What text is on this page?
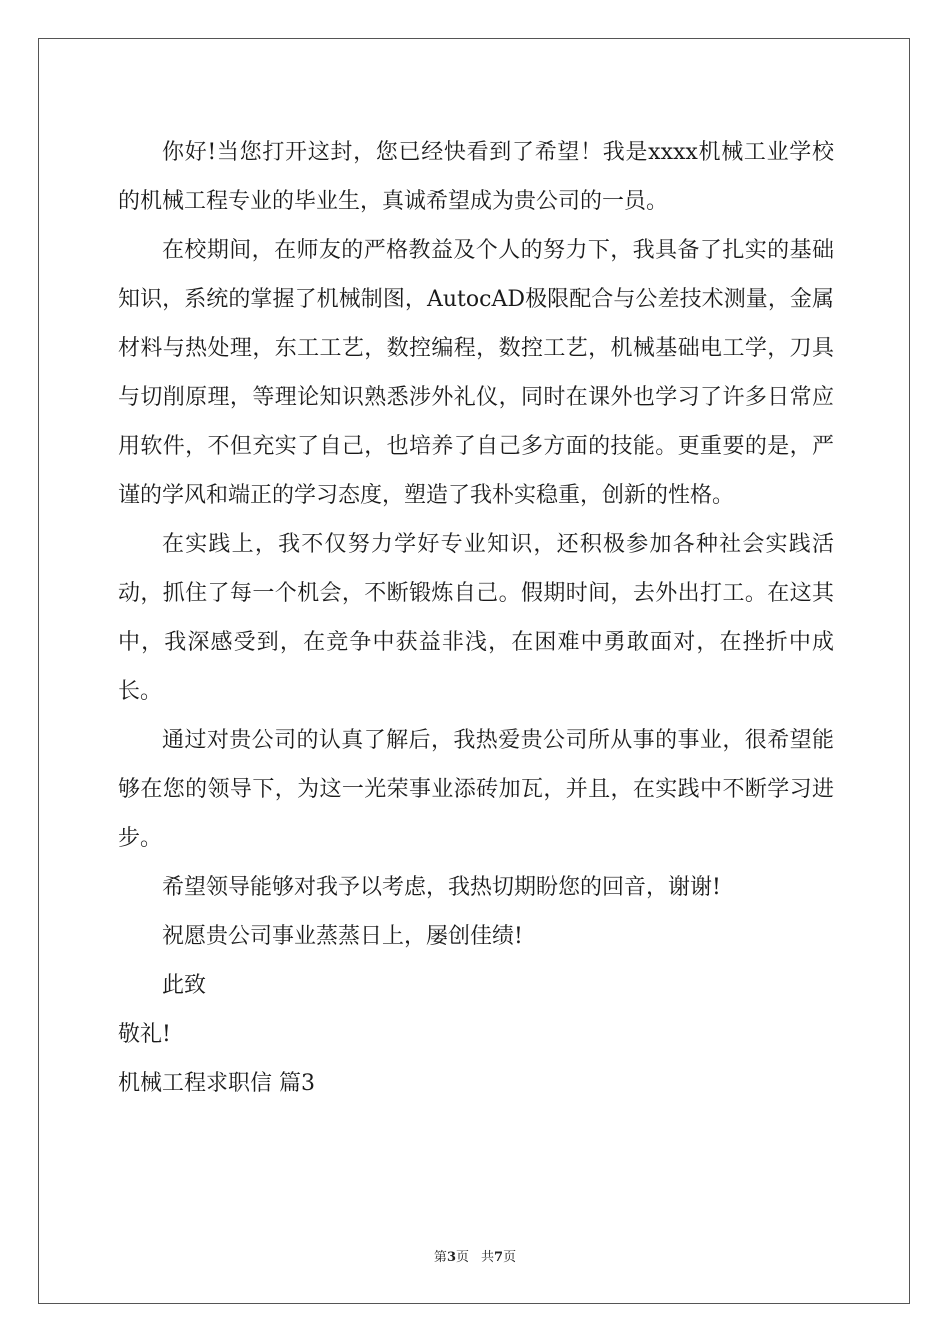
你好!当您打开这封，您已经快看到了希望！我是xxxx机械工业学校的机械工程专业的毕业生，真诚希望成为贵公司的一员。

在校期间，在师友的严格教益及个人的努力下，我具备了扎实的基础知识，系统的掌握了机械制图，AutocAD极限配合与公差技术测量，金属材料与热处理，东工工艺，数控编程，数控工艺，机械基础电工学，刀具与切削原理，等理论知识熟悉涉外礼仪，同时在课外也学习了许多日常应用软件，不但充实了自己，也培养了自己多方面的技能。更重要的是，严谨的学风和端正的学习态度，塑造了我朴实稳重，创新的性格。

在实践上，我不仅努力学好专业知识，还积极参加各种社会实践活动，抓住了每一个机会，不断锻炼自己。假期时间，去外出打工。在这其中，我深感受到，在竞争中获益非浅，在困难中勇敢面对，在挫折中成长。

通过对贵公司的认真了解后，我热爱贵公司所从事的事业，很希望能够在您的领导下，为这一光荣事业添砖加瓦，并且，在实践中不断学习进步。

希望领导能够对我予以考虑，我热切期盼您的回音，谢谢!

祝愿贵公司事业蒸蒸日上，屡创佳绩!

此致

敬礼!

机械工程求职信 篇3

第3页 共7页
